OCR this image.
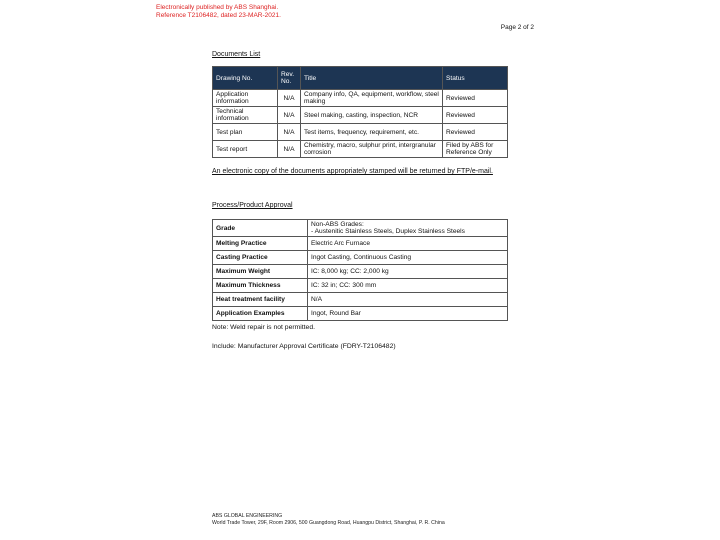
Electronically published by ABS Shanghai.
Reference T2106482, dated 23-MAR-2021.
Page 2 of 2
Documents List
Drawing No.	Rev. No.	Title	Status
Application information	N/A	Company info, QA, equipment, workflow, steel making	Reviewed
Technical information	N/A	Steel making, casting, inspection, NCR	Reviewed
Test plan	N/A	Test items, frequency, requirement, etc.	Reviewed
Test report	N/A	Chemistry, macro, sulphur print, intergranular corrosion	Filed by ABS for Reference Only
An electronic copy of the documents appropriately stamped will be returned by FTP/e-mail.
Process/Product Approval
Grade	Non-ABS Grades:
- Austenitic Stainless Steels, Duplex Stainless Steels

Melting Practice	Electric Arc Furnace
Casting Practice	Ingot Casting, Continuous Casting
Maximum Weight	IC: 8,000 kg; CC: 2,000 kg
Maximum Thickness	IC: 32 in; CC: 300 mm
Heat treatment facility	N/A
Application Examples	Ingot, Round Bar
Note: Weld repair is not permitted.
Include: Manufacturer Approval Certificate (FDRY-T2106482)
ABS GLOBAL ENGINEERING
World Trade Tower, 29F, Room 2906, 500 Guangdong Road, Huangpu District, Shanghai, P. R. China
